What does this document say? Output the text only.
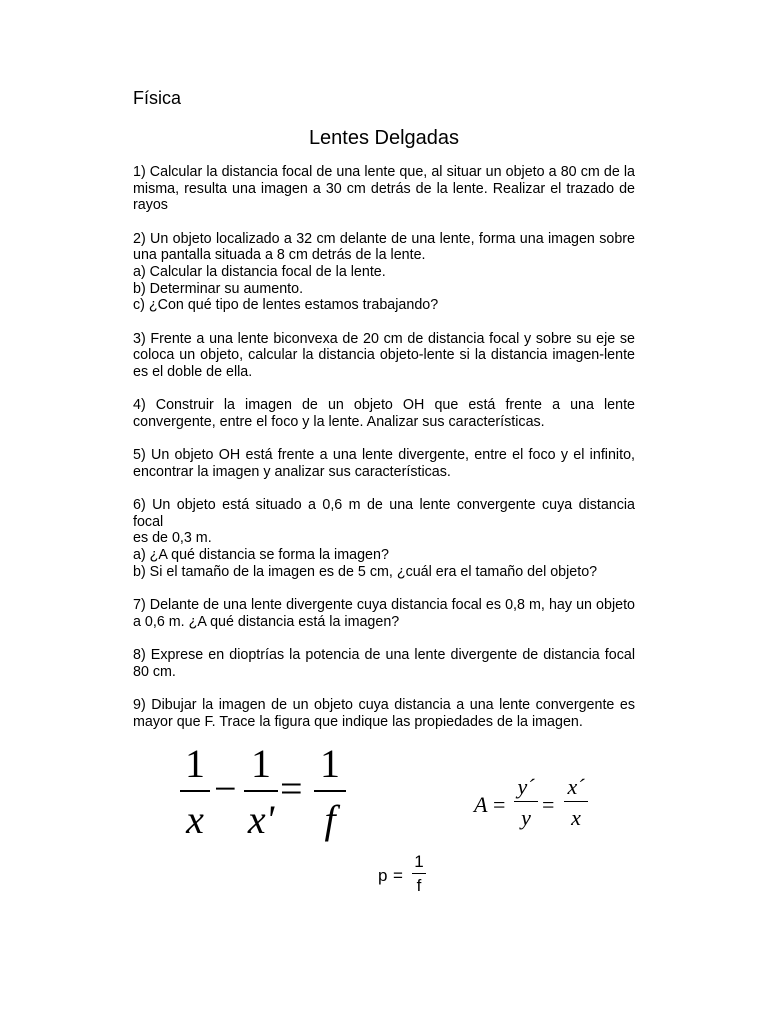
Física
Lentes Delgadas
1) Calcular la distancia focal de una lente que, al situar un objeto a 80 cm de la
misma, resulta una imagen a 30 cm detrás de la lente. Realizar el trazado de
rayos
2) Un objeto localizado a 32 cm delante de una lente, forma una imagen sobre
una pantalla situada a 8 cm detrás de la lente.
a) Calcular la distancia focal de la lente.
b) Determinar su aumento.
c) ¿Con qué tipo de lentes estamos trabajando?
3) Frente a una lente biconvexa de 20 cm de distancia focal y sobre su eje se
coloca un objeto, calcular la distancia objeto-lente si la distancia imagen-lente
es el doble de ella.
4) Construir la imagen de un objeto OH que está frente a una lente
convergente, entre el foco y la lente. Analizar sus características.
5) Un objeto OH está frente a una lente divergente, entre el foco y el infinito,
encontrar la imagen y analizar sus características.
6) Un objeto está situado a 0,6 m de una lente convergente cuya distancia focal
es de 0,3 m.
a) ¿A qué distancia se forma la imagen?
b) Si el tamaño de la imagen es de 5 cm, ¿cuál era el tamaño del objeto?
7) Delante de una lente divergente cuya distancia focal es 0,8 m, hay un objeto
a 0,6 m. ¿A qué distancia está la imagen?
8) Exprese en dioptrías la potencia de una lente divergente de distancia focal
80 cm.
9) Dibujar la imagen de un objeto cuya distancia a una lente convergente es
mayor que F. Trace la figura que indique las propiedades de la imagen.
1
x
−
1
x'
=
1
f	A =
y´
y
=
x´
x
p =
1
f
